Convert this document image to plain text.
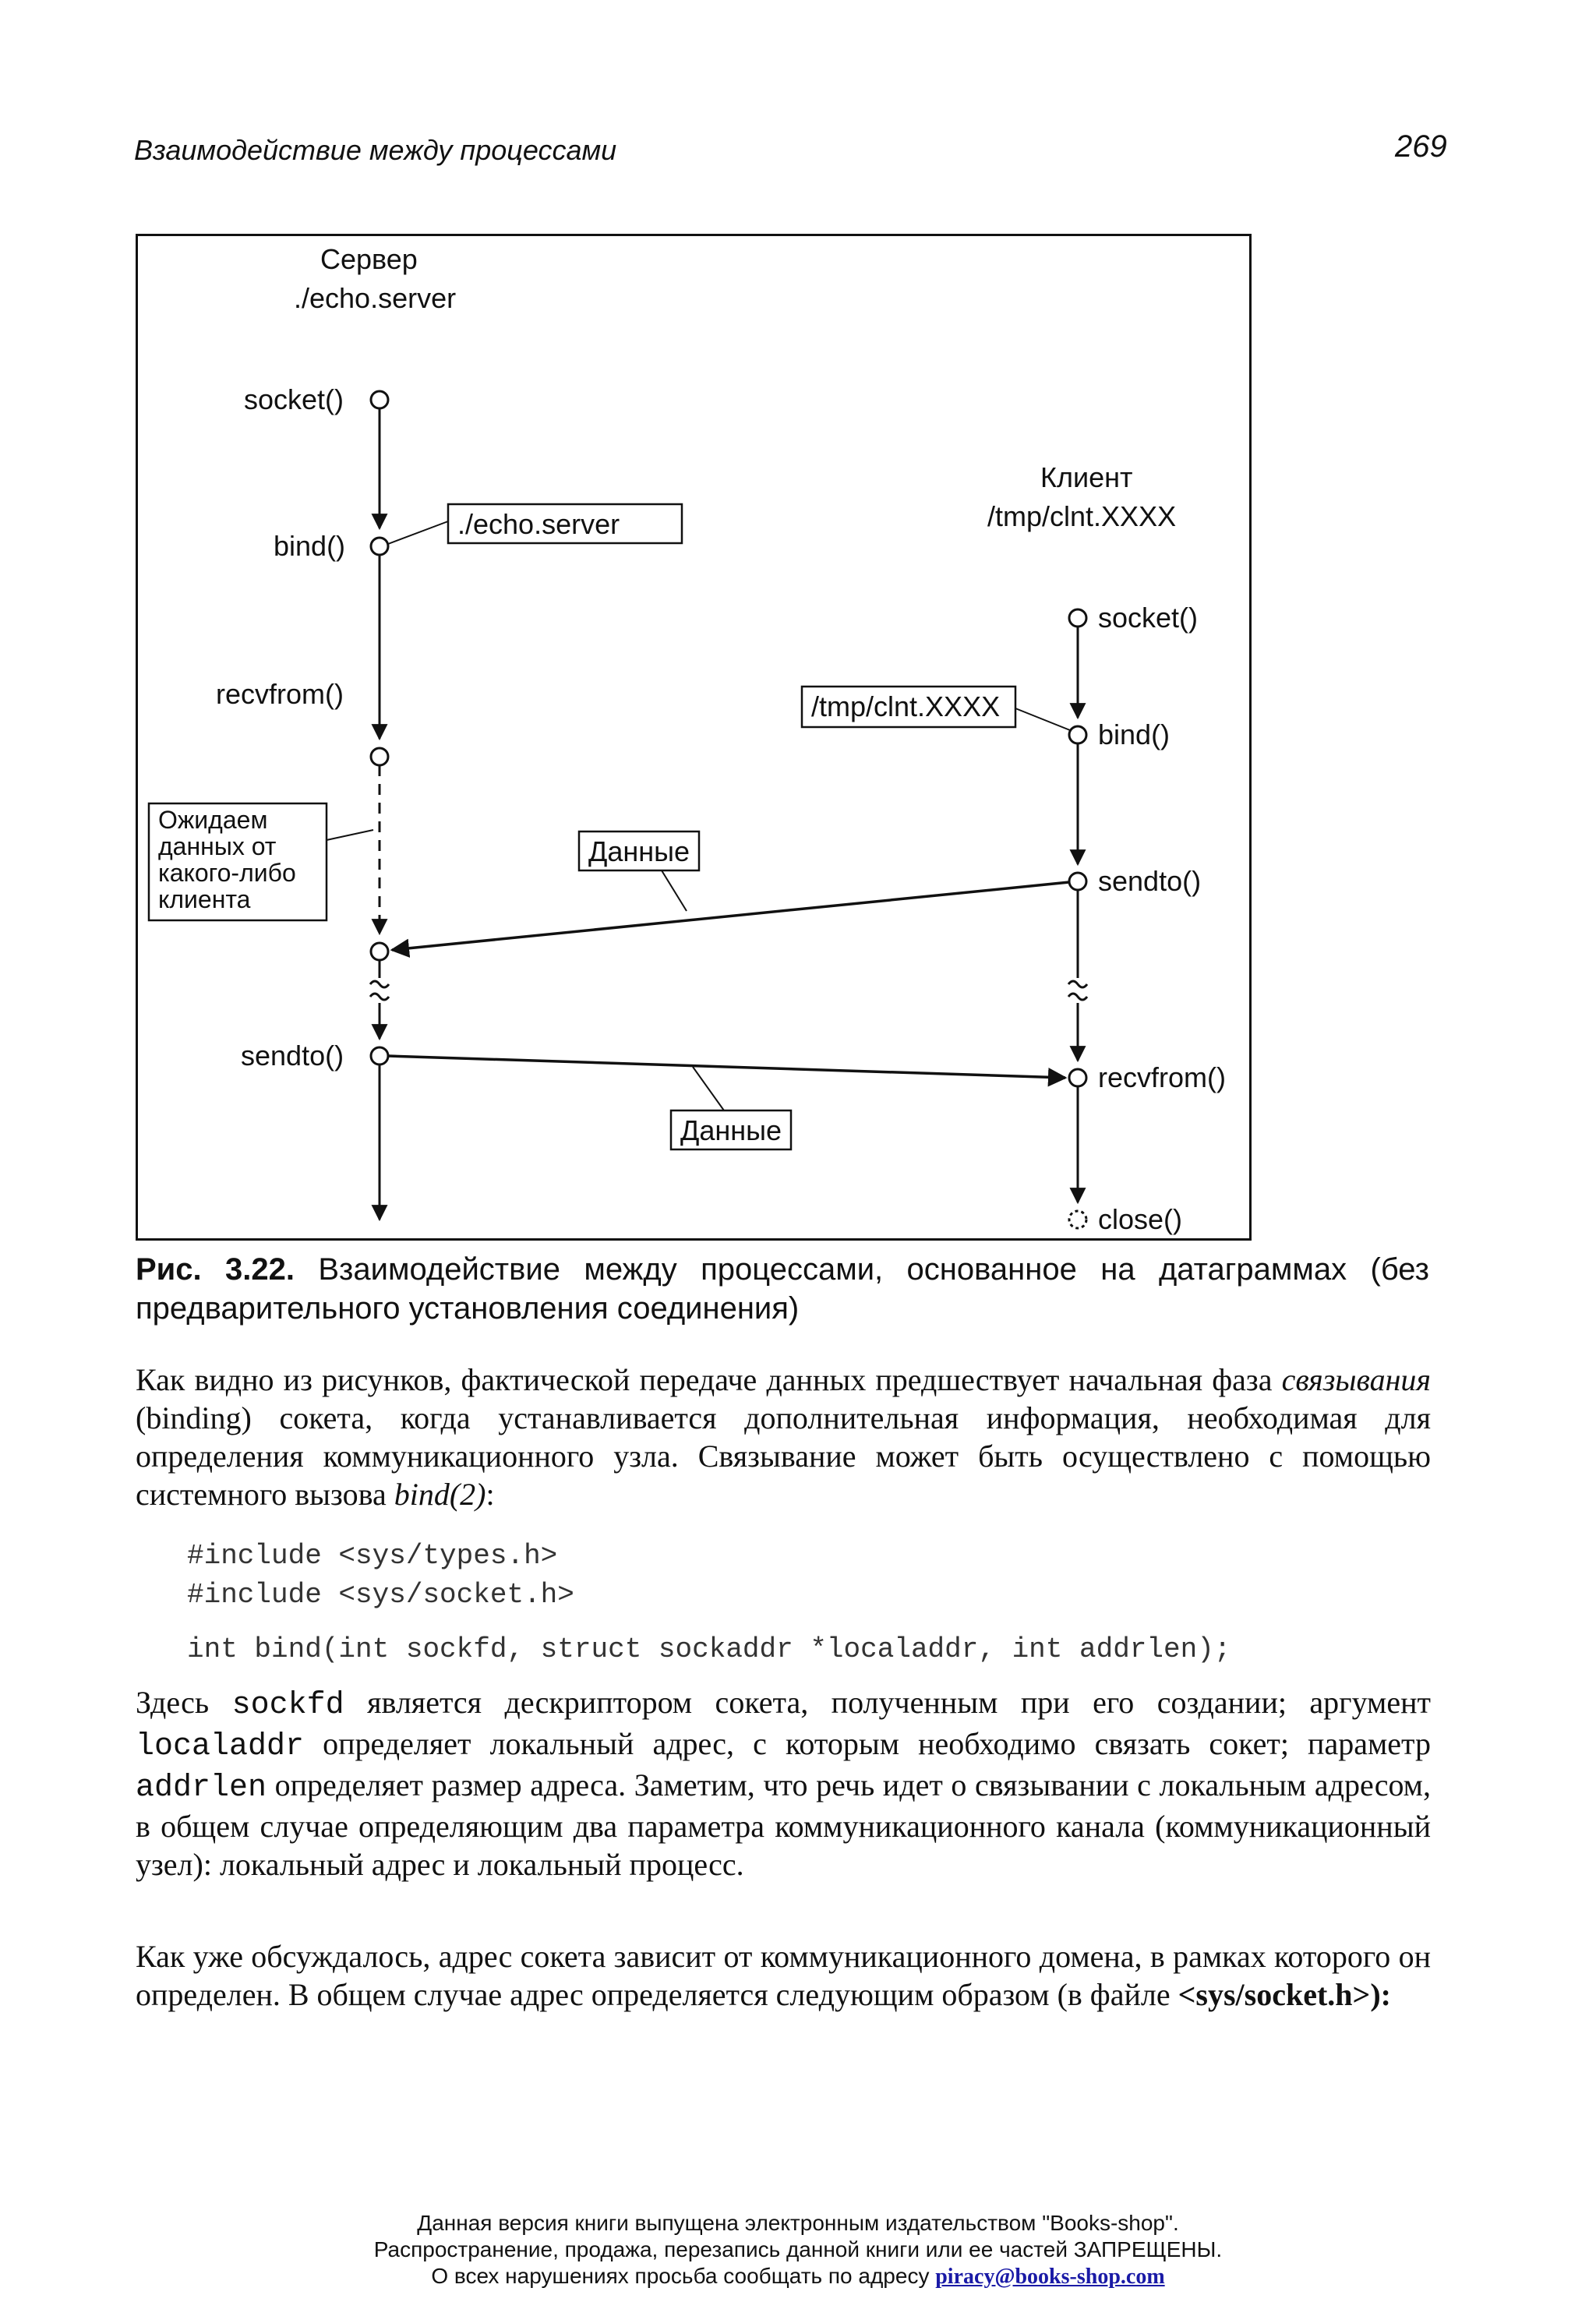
Взаимодействие между процессами	269
Сервер
./echo.server
socket()
bind()
recvfrom()
sendto()
./echo.server
Ожидаем
данных от
какого-либо
клиента
Клиент
/tmp/clnt.XXXX
socket()
bind()
sendto()
recvfrom()
close()
/tmp/clnt.XXXX
Данные
Данные
Рис. 3.22. Взаимодействие между процессами, основанное на датаграммах (без предварительного установления соединения)
Как видно из рисунков, фактической передаче данных предшествует начальная фаза связывания (binding) сокета, когда устанавливается дополнительная информация, необходимая для определения коммуникационного узла. Связывание может быть осуществлено с помощью системного вызова bind(2):
#include <sys/types.h>
#include <sys/socket.h>
int bind(int sockfd, struct sockaddr *localaddr, int addrlen);
Здесь sockfd является дескриптором сокета, полученным при его создании; аргумент localaddr определяет локальный адрес, с которым необходимо связать сокет; параметр addrlen определяет размер адреса. Заметим, что речь идет о связывании с локальным адресом, в общем случае определяющим два параметра коммуникационного канала (коммуникационный узел): локальный адрес и локальный процесс.
Как уже обсуждалось, адрес сокета зависит от коммуникационного домена, в рамках которого он определен. В общем случае адрес определяется следующим образом (в файле <sys/socket.h>):
Данная версия книги выпущена электронным издательством "Books-shop".
Распространение, продажа, перезапись данной книги или ее частей ЗАПРЕЩЕНЫ.
О всех нарушениях просьба сообщать по адресу piracy@books-shop.com
